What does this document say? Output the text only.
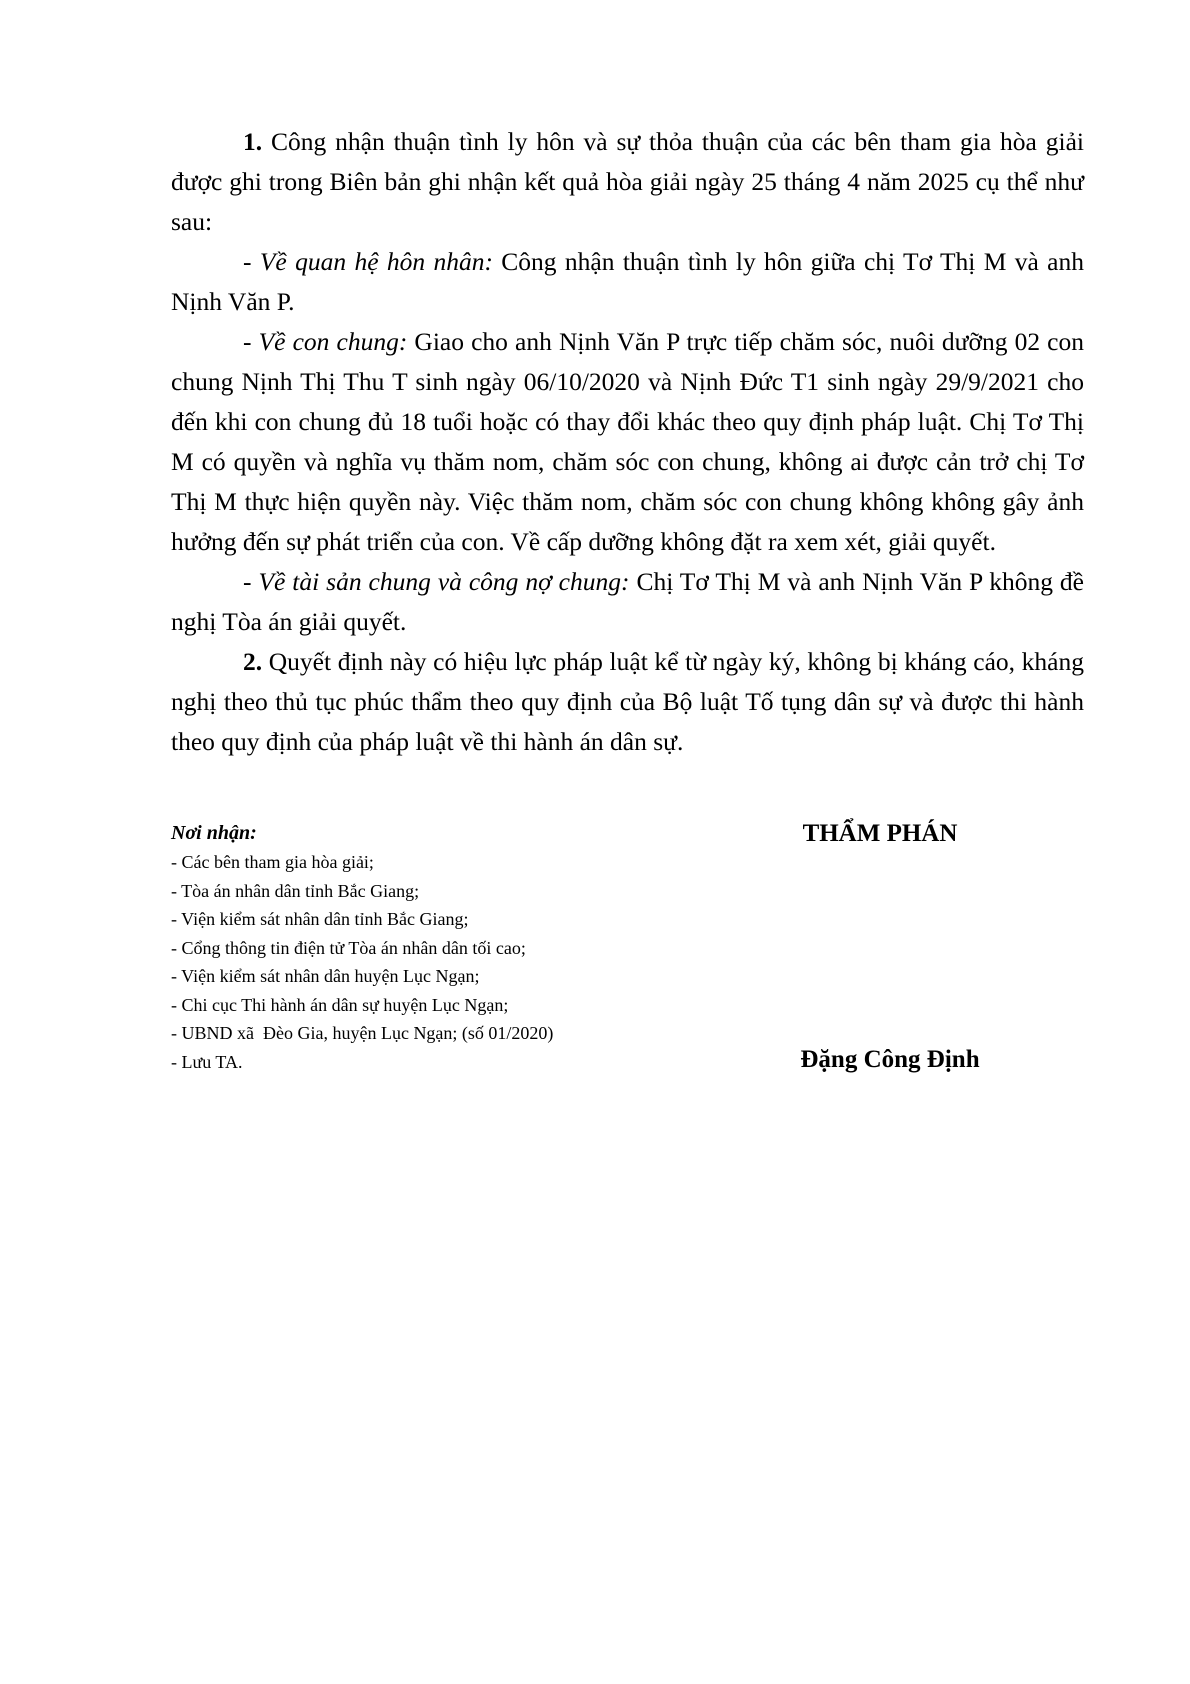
1. Công nhận thuận tình ly hôn và sự thỏa thuận của các bên tham gia hòa giải được ghi trong Biên bản ghi nhận kết quả hòa giải ngày 25 tháng 4 năm 2025 cụ thể như sau:

- Về quan hệ hôn nhân: Công nhận thuận tình ly hôn giữa chị Tơ Thị M và anh Nịnh Văn P.

- Về con chung: Giao cho anh Nịnh Văn P trực tiếp chăm sóc, nuôi dưỡng 02 con chung Nịnh Thị Thu T sinh ngày 06/10/2020 và Nịnh Đức T1 sinh ngày 29/9/2021 cho đến khi con chung đủ 18 tuổi hoặc có thay đổi khác theo quy định pháp luật. Chị Tơ Thị M có quyền và nghĩa vụ thăm nom, chăm sóc con chung, không ai được cản trở chị Tơ Thị M thực hiện quyền này. Việc thăm nom, chăm sóc con chung không không gây ảnh hưởng đến sự phát triển của con. Về cấp dưỡng không đặt ra xem xét, giải quyết.

- Về tài sản chung và công nợ chung: Chị Tơ Thị M và anh Nịnh Văn P không đề nghị Tòa án giải quyết.

2. Quyết định này có hiệu lực pháp luật kể từ ngày ký, không bị kháng cáo, kháng nghị theo thủ tục phúc thẩm theo quy định của Bộ luật Tố tụng dân sự và được thi hành theo quy định của pháp luật về thi hành án dân sự.

Nơi nhận:
- Các bên tham gia hòa giải;
- Tòa án nhân dân tỉnh Bắc Giang;
- Viện kiểm sát nhân dân tỉnh Bắc Giang;
- Cổng thông tin điện tử Tòa án nhân dân tối cao;
- Viện kiểm sát nhân dân huyện Lục Ngạn;
- Chi cục Thi hành án dân sự huyện Lục Ngạn;
- UBND xã  Đèo Gia, huyện Lục Ngạn; (số 01/2020)
- Lưu TA.
THẨM PHÁN
Đặng Công Định
